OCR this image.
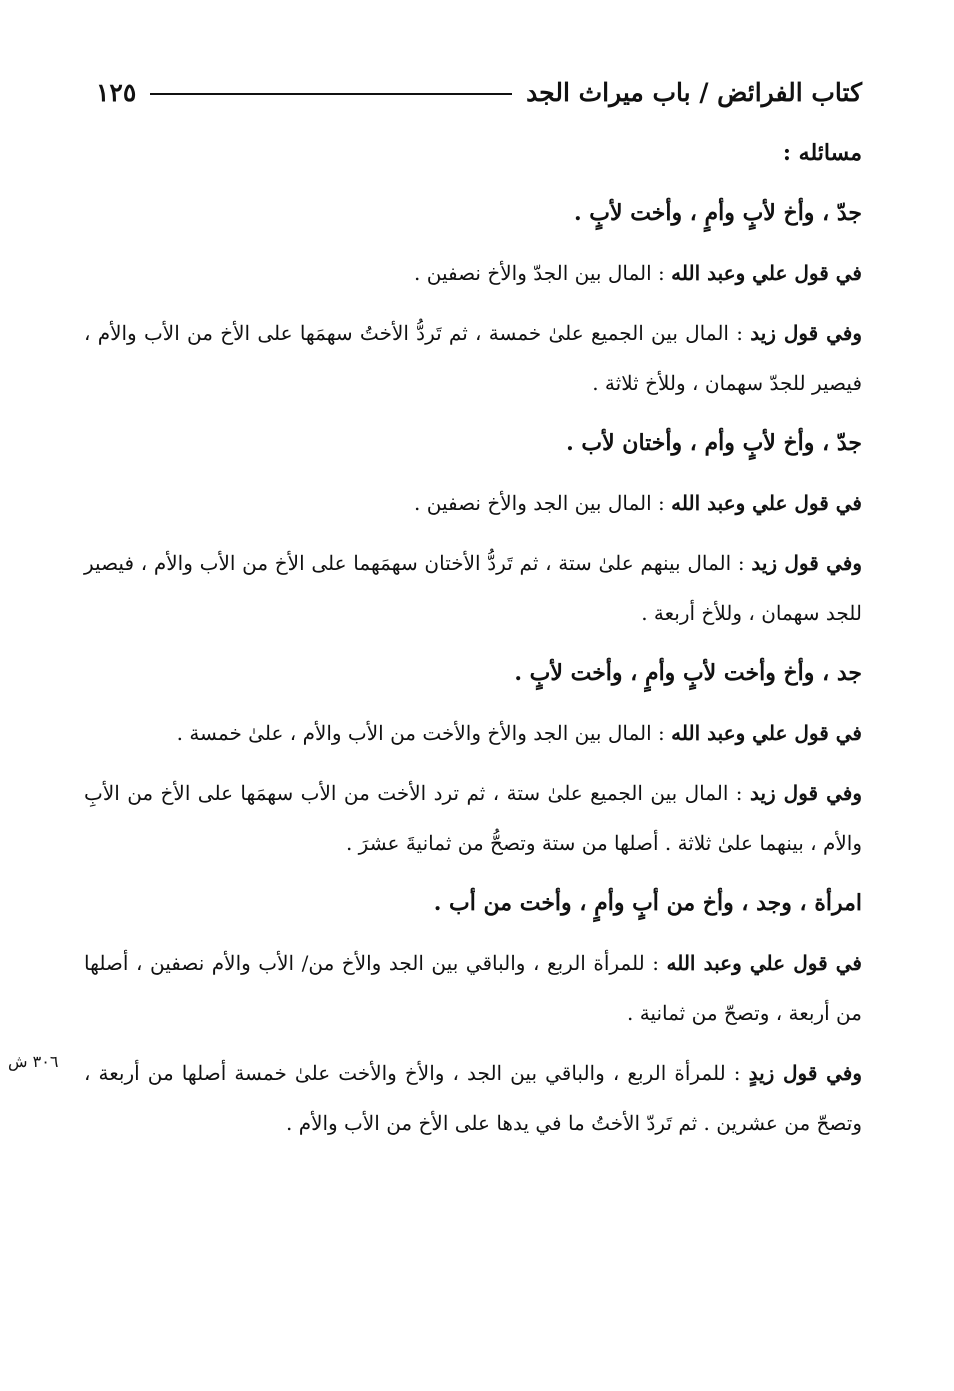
كتاب الفرائض / باب ميراث الجد
١٢٥

مسائله :

جدّ ، وأخ لأبٍ وأمٍ ، وأخت لأبٍ .

في قول علي وعبد الله : المال بين الجدّ والأخ نصفين .

وفي قول زيد : المال بين الجميع علىٰ خمسة ، ثم تَردُّ الأختُ سهمَها على الأخ من الأب والأم ، فيصير للجدّ سهمان ، وللأخ ثلاثة .

جدّ ، وأخ لأبٍ وأم ، وأختان لأب .

في قول علي وعبد الله : المال بين الجد والأخ نصفين .

وفي قول زيد : المال بينهم علىٰ ستة ، ثم تَردُّ الأختان سهمَهما على الأخ من الأب والأم ، فيصير للجد سهمان ، وللأخ أربعة .

جد ، وأخ وأخت لأبٍ وأمٍ ، وأخت لأبٍ .

في قول علي وعبد الله : المال بين الجد والأخ والأخت من الأب والأم ، علىٰ خمسة .

وفي قول زيد : المال بين الجميع علىٰ ستة ، ثم ترد الأخت من الأب سهمَها على الأخ من الأبِ والأم ، بينهما علىٰ ثلاثة . أصلها من ستة وتصحُّ من ثمانيةَ عشرَ .

امرأة ، وجد ، وأخ من أبٍ وأمٍ ، وأخت من أب .

في قول علي وعبد الله : للمرأة الربع ، والباقي بين الجد والأخ من/ الأب والأم نصفين ، أصلها من أربعة ، وتصحّ من ثمانية .

وفي قول زيدٍ : للمرأة الربع ، والباقي بين الجد ، والأخ والأخت علىٰ خمسة أصلها من أربعة ، وتصحّ من عشرين . ثم تَردّ الأختُ ما في يدها على الأخ من الأب والأم .

٣٠٦ ش
